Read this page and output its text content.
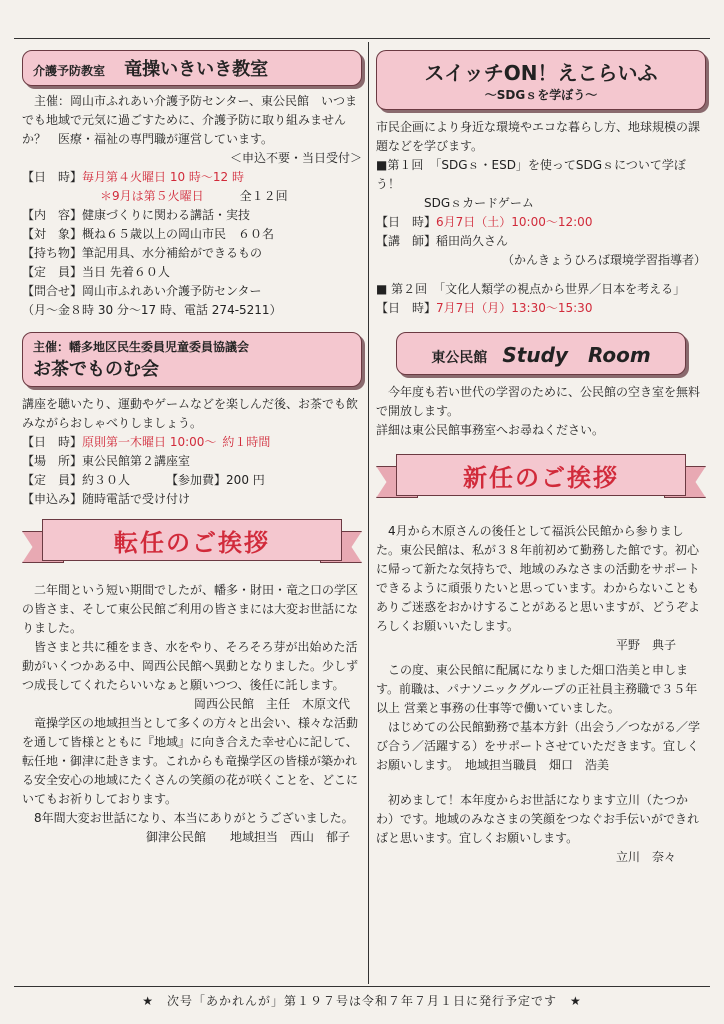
介護予防教室 竜操いきいき教室

主催：岡山市ふれあい介護予防センター、東公民館　いつまでも地域で元気に過ごすために、介護予防に取り組みませんか？　医療・福祉の専門職が運営しています。

＜申込不要・当日受付＞

【日　時】毎月第４火曜日 10 時～12 時
＊9月は第５火曜日	全１２回
【内　容】健康づくりに関わる講話・実技
【対　象】概ね６５歳以上の岡山市民　６０名
【持ち物】筆記用具、水分補給ができるもの
【定　員】当日 先着６０人
【問合せ】岡山市ふれあい介護予防センター
（月～金８時 30 分～17 時、電話 274-5211）
主催：幡多地区民生委員児童委員協議会
お茶でものむ会

講座を聴いたり、運動やゲームなどを楽しんだ後、お茶でも飲みながらおしゃべりしましょう。

【日　時】原則第一木曜日 10:00～ 約１時間
【場　所】東公民館第２講座室
【定　員】約３０人	【参加費】200 円
【申込み】随時電話で受け付け
転任のご挨拶

二年間という短い期間でしたが、幡多・財田・竜之口の学区の皆さま、そして東公民館ご利用の皆さまには大変お世話になりました。

皆さまと共に種をまき、水をやり、そろそろ芽が出始めた活動がいくつかある中、岡西公民館へ異動となりました。少しずつ成長してくれたらいいなぁと願いつつ、後任に託します。

岡西公民館　主任　木原文代

竜操学区の地域担当として多くの方々と出会い、様々な活動を通して皆様とともに『地域』に向き合えた幸せ心に記して、転任地・御津に赴きます。これからも竜操学区の皆様が築かれる安全安心の地域にたくさんの笑顔の花が咲くことを、どこにいてもお祈りしております。

8年間大変お世話になり、本当にありがとうございました。

御津公民館　　地域担当　西山　郁子

スイッチON！えこらいふ
～SDGｓを学ぼう～

市民企画により身近な環境やエコな暮らし方、地球規模の課題などを学びます。

■第１回　「SDGｓ・ESD」を使ってSDGｓについて学ぼう！

SDGｓカードゲーム

【日　時】6月7日（土）10:00～12:00
【講　師】稲田尚久さん
（かんきょうひろば環境学習指導者）

■ 第２回　「文化人類学の視点から世界／日本を考える」

【日　時】7月7日（月）13:30～15:30
東公民館 Study　Room

今年度も若い世代の学習のために、公民館の空き室を無料で開放します。

詳細は東公民館事務室へお尋ねください。

新任のご挨拶

4月から木原さんの後任として福浜公民館から参りました。東公民館は、私が３８年前初めて勤務した館です。初心に帰って新たな気持ちで、地域のみなさまの活動をサポートできるように頑張りたいと思っています。わからないこともありご迷惑をおかけすることがあると思いますが、どうぞよろしくお願いいたします。

平野　典子

この度、東公民館に配属になりました畑口浩美と申します。前職は、パナソニックグループの正社員主務職で３５年以上 営業と事務の仕事等で働いていました。

はじめての公民館勤務で基本方針（出会う／つながる／学び合う／活躍する）をサポートさせていただきます。宜しくお願いします。　地域担当職員　畑口　浩美

初めまして！本年度からお世話になります立川（たつかわ）です。地域のみなさまの笑顔をつなぐお手伝いができればと思います。宜しくお願いします。

立川　奈々

★　次号「あかれんが」第１９７号は令和７年７月１日に発行予定です　★
